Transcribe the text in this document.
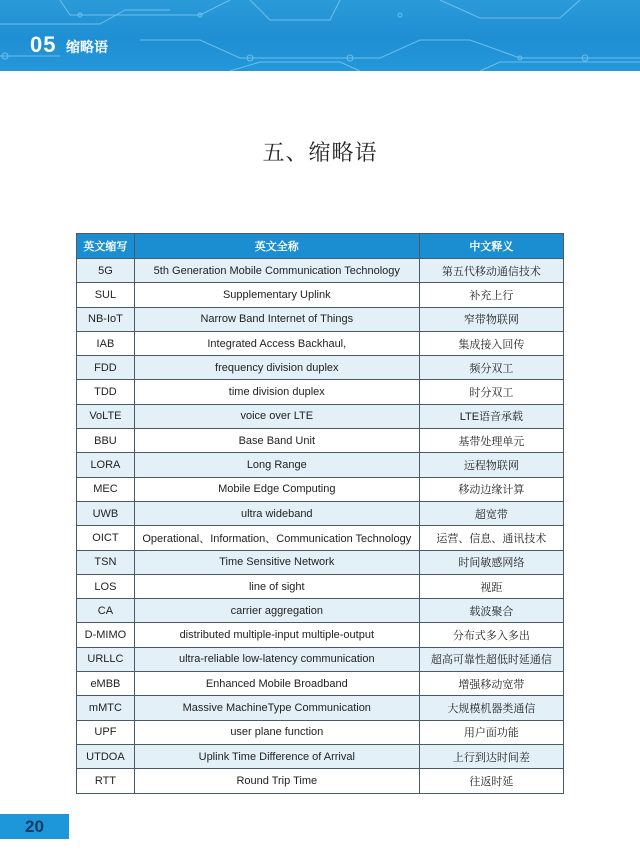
05 缩略语
五、缩略语
英文缩写	英文全称	中文释义
5G	5th Generation Mobile Communication Technology	第五代移动通信技术
SUL	Supplementary Uplink	补充上行
NB-IoT	Narrow Band Internet of Things	窄带物联网
IAB	Integrated Access Backhaul,	集成接入回传
FDD	frequency division duplex	频分双工
TDD	time division duplex	时分双工
VoLTE	voice over LTE	LTE语音承载
BBU	Base Band Unit	基带处理单元
LORA	Long Range	远程物联网
MEC	Mobile Edge Computing	移动边缘计算
UWB	ultra wideband	超宽带
OICT	Operational、Information、Communication Technology	运营、信息、通讯技术
TSN	Time Sensitive Network	时间敏感网络
LOS	line of sight	视距
CA	carrier aggregation	载波聚合
D-MIMO	distributed multiple-input multiple-output	分布式多入多出
URLLC	ultra-reliable low-latency communication	超高可靠性超低时延通信
eMBB	Enhanced Mobile Broadband	增强移动宽带
mMTC	Massive MachineType Communication	大规模机器类通信
UPF	user plane function	用户面功能
UTDOA	Uplink Time Difference of Arrival	上行到达时间差
RTT	Round Trip Time	往返时延
20
